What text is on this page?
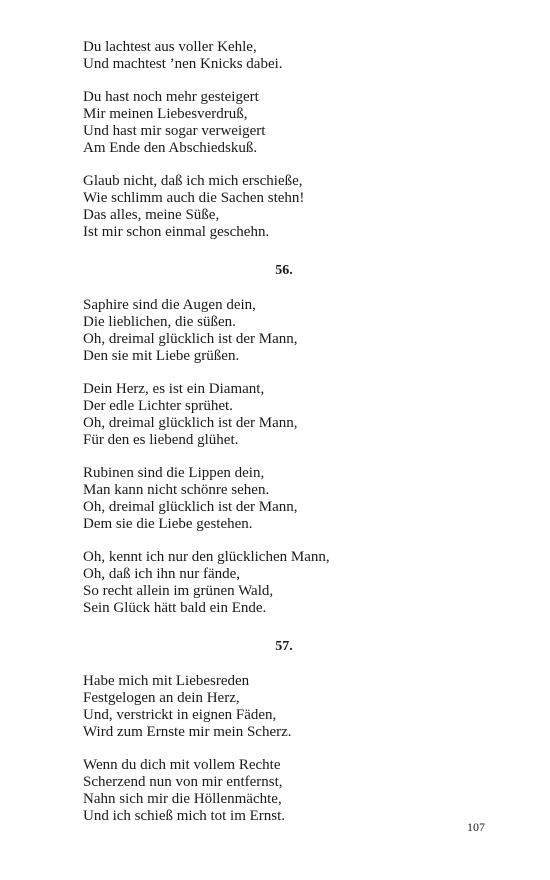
Du lachtest aus voller Kehle,
Und machtest ’nen Knicks dabei.
Du hast noch mehr gesteigert
Mir meinen Liebesverdruß,
Und hast mir sogar verweigert
Am Ende den Abschiedskuß.
Glaub nicht, daß ich mich erschieße,
Wie schlimm auch die Sachen stehn!
Das alles, meine Süße,
Ist mir schon einmal geschehn.
56.
Saphire sind die Augen dein,
Die lieblichen, die süßen.
Oh, dreimal glücklich ist der Mann,
Den sie mit Liebe grüßen.
Dein Herz, es ist ein Diamant,
Der edle Lichter sprühet.
Oh, dreimal glücklich ist der Mann,
Für den es liebend glühet.
Rubinen sind die Lippen dein,
Man kann nicht schönre sehen.
Oh, dreimal glücklich ist der Mann,
Dem sie die Liebe gestehen.
Oh, kennt ich nur den glücklichen Mann,
Oh, daß ich ihn nur fände,
So recht allein im grünen Wald,
Sein Glück hätt bald ein Ende.
57.
Habe mich mit Liebesreden
Festgelogen an dein Herz,
Und, verstrickt in eignen Fäden,
Wird zum Ernste mir mein Scherz.
Wenn du dich mit vollem Rechte
Scherzend nun von mir entfernst,
Nahn sich mir die Höllenmächte,
Und ich schieß mich tot im Ernst.
107
